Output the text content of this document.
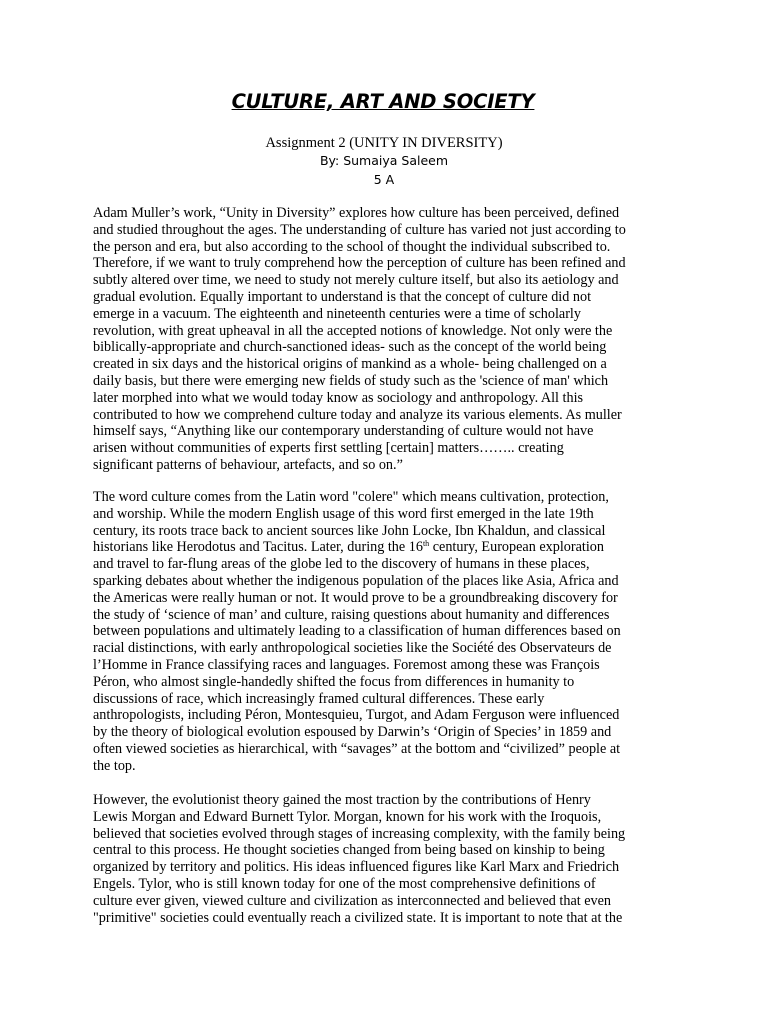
CULTURE, ART AND SOCIETY
Assignment 2 (UNITY IN DIVERSITY)
By: Sumaiya Saleem
5 A

Adam Muller’s work, “Unity in Diversity” explores how culture has been perceived, defined
and studied throughout the ages. The understanding of culture has varied not just according to
the person and era, but also according to the school of thought the individual subscribed to.
Therefore, if we want to truly comprehend how the perception of culture has been refined and
subtly altered over time, we need to study not merely culture itself, but also its aetiology and
gradual evolution. Equally important to understand is that the concept of culture did not
emerge in a vacuum. The eighteenth and nineteenth centuries were a time of scholarly
revolution, with great upheaval in all the accepted notions of knowledge. Not only were the
biblically-appropriate and church-sanctioned ideas- such as the concept of the world being
created in six days and the historical origins of mankind as a whole- being challenged on a
daily basis, but there were emerging new fields of study such as the 'science of man' which
later morphed into what we would today know as sociology and anthropology. All this
contributed to how we comprehend culture today and analyze its various elements. As muller
himself says, “Anything like our contemporary understanding of culture would not have
arisen without communities of experts first settling [certain] matters…….. creating
significant patterns of behaviour, artefacts, and so on.”

The word culture comes from the Latin word "colere" which means cultivation, protection,
and worship. While the modern English usage of this word first emerged in the late 19th
century, its roots trace back to ancient sources like John Locke, Ibn Khaldun, and classical
historians like Herodotus and Tacitus. Later, during the 16th century, European exploration
and travel to far-flung areas of the globe led to the discovery of humans in these places,
sparking debates about whether the indigenous population of the places like Asia, Africa and
the Americas were really human or not. It would prove to be a groundbreaking discovery for
the study of ‘science of man’ and culture, raising questions about humanity and differences
between populations and ultimately leading to a classification of human differences based on
racial distinctions, with early anthropological societies like the Société des Observateurs de
l’Homme in France classifying races and languages. Foremost among these was François
Péron, who almost single-handedly shifted the focus from differences in humanity to
discussions of race, which increasingly framed cultural differences. These early
anthropologists, including Péron, Montesquieu, Turgot, and Adam Ferguson were influenced
by the theory of biological evolution espoused by Darwin’s ‘Origin of Species’ in 1859 and
often viewed societies as hierarchical, with “savages” at the bottom and “civilized” people at
the top.

However, the evolutionist theory gained the most traction by the contributions of Henry
Lewis Morgan and Edward Burnett Tylor. Morgan, known for his work with the Iroquois,
believed that societies evolved through stages of increasing complexity, with the family being
central to this process. He thought societies changed from being based on kinship to being
organized by territory and politics. His ideas influenced figures like Karl Marx and Friedrich
Engels. Tylor, who is still known today for one of the most comprehensive definitions of
culture ever given, viewed culture and civilization as interconnected and believed that even
"primitive" societies could eventually reach a civilized state. It is important to note that at the
